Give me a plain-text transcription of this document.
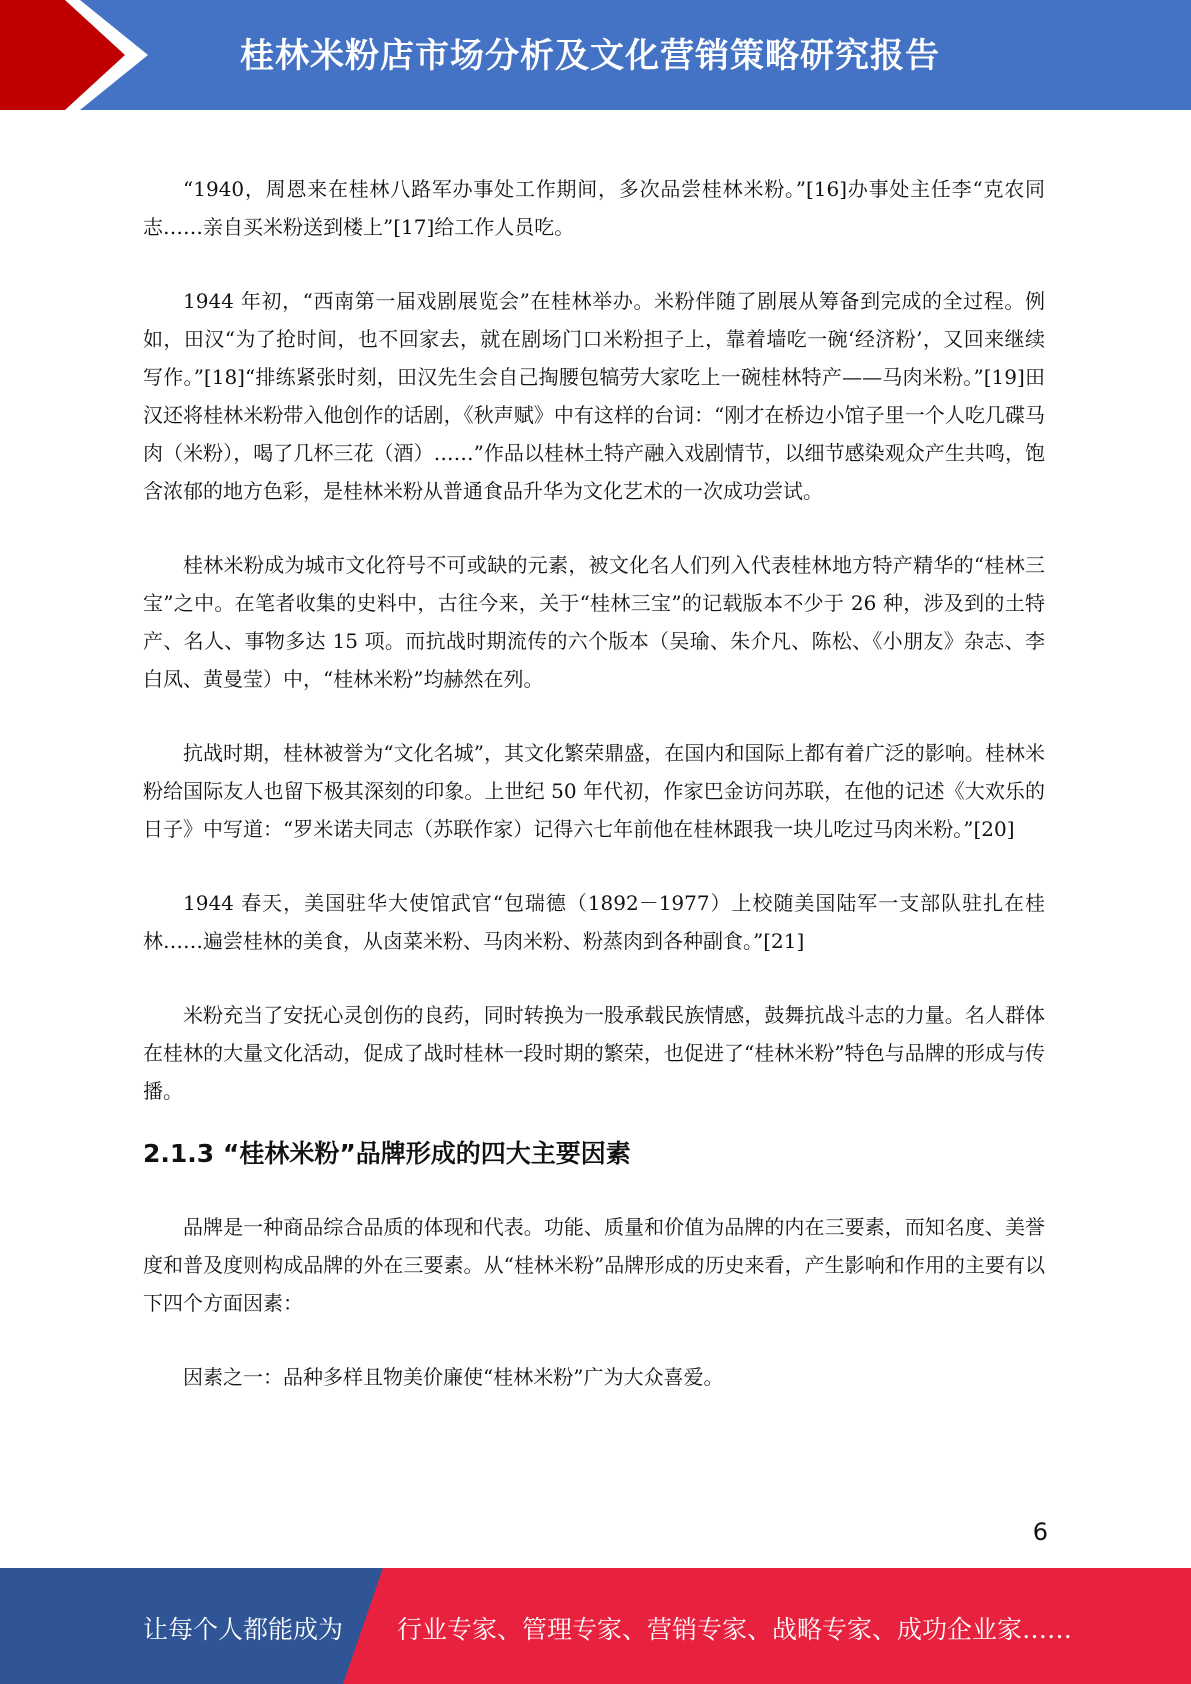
桂林米粉店市场分析及文化营销策略研究报告

“1940，周恩来在桂林八路军办事处工作期间，多次品尝桂林米粉。”[16]办事处主任李“克农同志……亲自买米粉送到楼上”[17]给工作人员吃。

1944 年初，“西南第一届戏剧展览会”在桂林举办。米粉伴随了剧展从筹备到完成的全过程。例如，田汉“为了抢时间，也不回家去，就在剧场门口米粉担子上，靠着墙吃一碗‘经济粉’，又回来继续写作。”[18]“排练紧张时刻，田汉先生会自己掏腰包犒劳大家吃上一碗桂林特产——马肉米粉。”[19]田汉还将桂林米粉带入他创作的话剧，《秋声赋》中有这样的台词：“刚才在桥边小馆子里一个人吃几碟马肉（米粉），喝了几杯三花（酒）……”作品以桂林土特产融入戏剧情节，以细节感染观众产生共鸣，饱含浓郁的地方色彩，是桂林米粉从普通食品升华为文化艺术的一次成功尝试。

桂林米粉成为城市文化符号不可或缺的元素，被文化名人们列入代表桂林地方特产精华的“桂林三宝”之中。在笔者收集的史料中，古往今来，关于“桂林三宝”的记载版本不少于 26 种，涉及到的土特产、名人、事物多达 15 项。而抗战时期流传的六个版本（吴瑜、朱介凡、陈松、《小朋友》杂志、李白凤、黄曼莹）中，“桂林米粉”均赫然在列。

抗战时期，桂林被誉为“文化名城”，其文化繁荣鼎盛，在国内和国际上都有着广泛的影响。桂林米粉给国际友人也留下极其深刻的印象。上世纪 50 年代初，作家巴金访问苏联，在他的记述《大欢乐的日子》中写道：“罗米诺夫同志（苏联作家）记得六七年前他在桂林跟我一块儿吃过马肉米粉。”[20]

1944 春天，美国驻华大使馆武官“包瑞德（1892－1977）上校随美国陆军一支部队驻扎在桂林……遍尝桂林的美食，从卤菜米粉、马肉米粉、粉蒸肉到各种副食。”[21]

米粉充当了安抚心灵创伤的良药，同时转换为一股承载民族情感，鼓舞抗战斗志的力量。名人群体在桂林的大量文化活动，促成了战时桂林一段时期的繁荣，也促进了“桂林米粉”特色与品牌的形成与传播。

2.1.3 “桂林米粉”品牌形成的四大主要因素

品牌是一种商品综合品质的体现和代表。功能、质量和价值为品牌的内在三要素，而知名度、美誉度和普及度则构成品牌的外在三要素。从“桂林米粉”品牌形成的历史来看，产生影响和作用的主要有以下四个方面因素：

因素之一：品种多样且物美价廉使“桂林米粉”广为大众喜爱。

6
让每个人都能成为 行业专家、管理专家、营销专家、战略专家、成功企业家……
